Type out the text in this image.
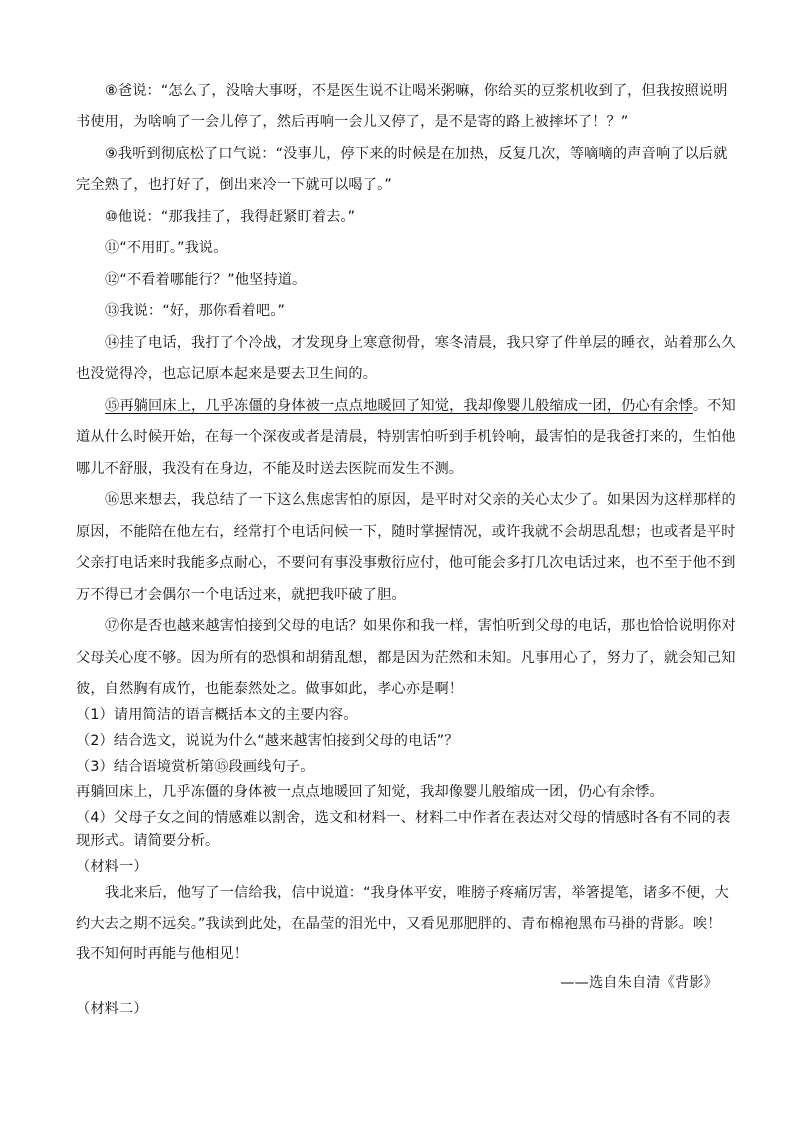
⑧爸说：“怎么了，没啥大事呀，不是医生说不让喝米粥嘛，你给买的豆浆机收到了，但我按照说明
书使用，为啥响了一会儿停了，然后再响一会儿又停了，是不是寄的路上被摔坏了！？”
⑨我听到彻底松了口气说：“没事儿，停下来的时候是在加热，反复几次，等嘀嘀的声音响了以后就
完全熟了，也打好了，倒出来冷一下就可以喝了。”
⑩他说：“那我挂了，我得赶紧盯着去。”
⑪“不用盯。”我说。
⑫“不看着哪能行？”他坚持道。
⑬我说：“好，那你看着吧。”
⑭挂了电话，我打了个冷战，才发现身上寒意彻骨，寒冬清晨，我只穿了件单层的睡衣，站着那么久
也没觉得冷，也忘记原本起来是要去卫生间的。
⑮再躺回床上，几乎冻僵的身体被一点点地暖回了知觉，我却像婴儿般缩成一团，仍心有余悸。不知
道从什么时候开始，在每一个深夜或者是清晨，特别害怕听到手机铃响，最害怕的是我爸打来的，生怕他
哪儿不舒服，我没有在身边，不能及时送去医院而发生不测。
⑯思来想去，我总结了一下这么焦虑害怕的原因，是平时对父亲的关心太少了。如果因为这样那样的
原因，不能陪在他左右，经常打个电话问候一下，随时掌握情况，或许我就不会胡思乱想；也或者是平时
父亲打电话来时我能多点耐心，不要问有事没事敷衍应付，他可能会多打几次电话过来，也不至于他不到
万不得已才会偶尔一个电话过来，就把我吓破了胆。
⑰你是否也越来越害怕接到父母的电话？如果你和我一样，害怕听到父母的电话，那也恰恰说明你对
父母关心度不够。因为所有的恐惧和胡猜乱想，都是因为茫然和未知。凡事用心了，努力了，就会知己知
彼，自然胸有成竹，也能泰然处之。做事如此，孝心亦是啊！
（1）请用简洁的语言概括本文的主要内容。
（2）结合选文，说说为什么“越来越害怕接到父母的电话”？
（3）结合语境赏析第⑮段画线句子。
再躺回床上，几乎冻僵的身体被一点点地暖回了知觉，我却像婴儿般缩成一团，仍心有余悸。
（4）父母子女之间的情感难以割舍，选文和材料一、材料二中作者在表达对父母的情感时各有不同的表
现形式。请简要分析。
（材料一）
我北来后，他写了一信给我，信中说道：“我身体平安，唯膀子疼痛厉害，举箸提笔，诸多不便，大
约大去之期不远矣。”我读到此处，在晶莹的泪光中，又看见那肥胖的、青布棉袍黑布马褂的背影。唉！
我不知何时再能与他相见！
——选自朱自清《背影》
（材料二）
